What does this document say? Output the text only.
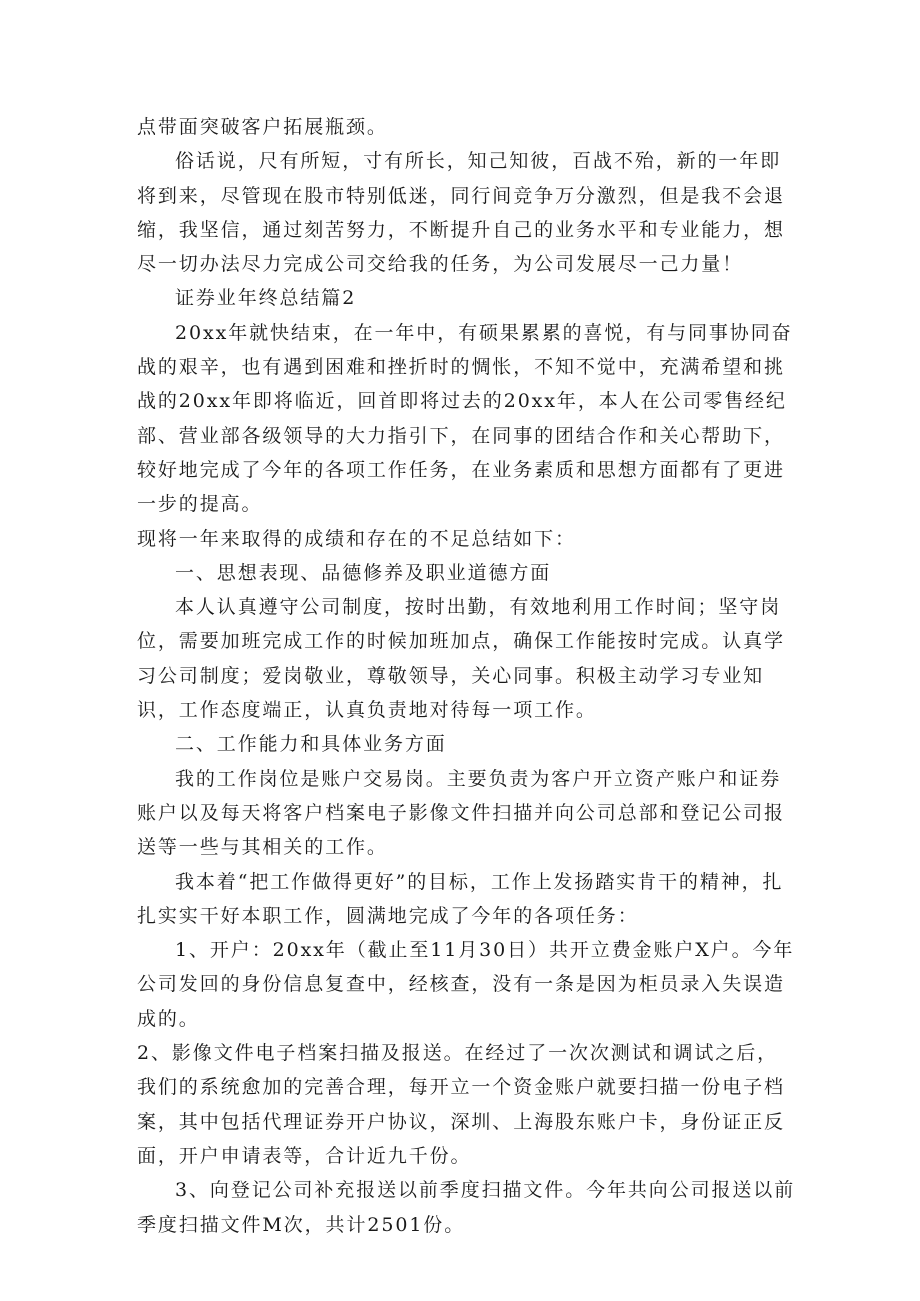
点带面突破客户拓展瓶颈。

俗话说，尺有所短，寸有所长，知己知彼，百战不殆，新的一年即将到来，尽管现在股市特别低迷，同行间竞争万分激烈，但是我不会退缩，我坚信，通过刻苦努力，不断提升自己的业务水平和专业能力，想尽一切办法尽力完成公司交给我的任务，为公司发展尽一己力量！

证券业年终总结篇2

20xx年就快结束，在一年中，有硕果累累的喜悦，有与同事协同奋战的艰辛，也有遇到困难和挫折时的惆怅，不知不觉中，充满希望和挑战的20xx年即将临近，回首即将过去的20xx年，本人在公司零售经纪部、营业部各级领导的大力指引下，在同事的团结合作和关心帮助下，较好地完成了今年的各项工作任务，在业务素质和思想方面都有了更进一步的提高。

现将一年来取得的成绩和存在的不足总结如下：

一、思想表现、品德修养及职业道德方面

本人认真遵守公司制度，按时出勤，有效地利用工作时间；坚守岗位，需要加班完成工作的时候加班加点，确保工作能按时完成。认真学习公司制度；爱岗敬业，尊敬领导，关心同事。积极主动学习专业知识，工作态度端正，认真负责地对待每一项工作。

二、工作能力和具体业务方面

我的工作岗位是账户交易岗。主要负责为客户开立资产账户和证券账户以及每天将客户档案电子影像文件扫描并向公司总部和登记公司报送等一些与其相关的工作。

我本着“把工作做得更好”的目标，工作上发扬踏实肯干的精神，扎扎实实干好本职工作，圆满地完成了今年的各项任务：

1、开户：20xx年（截止至11月30日）共开立费金账户X户。今年公司发回的身份信息复查中，经核查，没有一条是因为柜员录入失误造成的。

2、影像文件电子档案扫描及报送。在经过了一次次测试和调试之后，我们的系统愈加的完善合理，每开立一个资金账户就要扫描一份电子档案，其中包括代理证券开户协议，深圳、上海股东账户卡，身份证正反面，开户申请表等，合计近九千份。

3、向登记公司补充报送以前季度扫描文件。今年共向公司报送以前季度扫描文件M次，共计2501份。
